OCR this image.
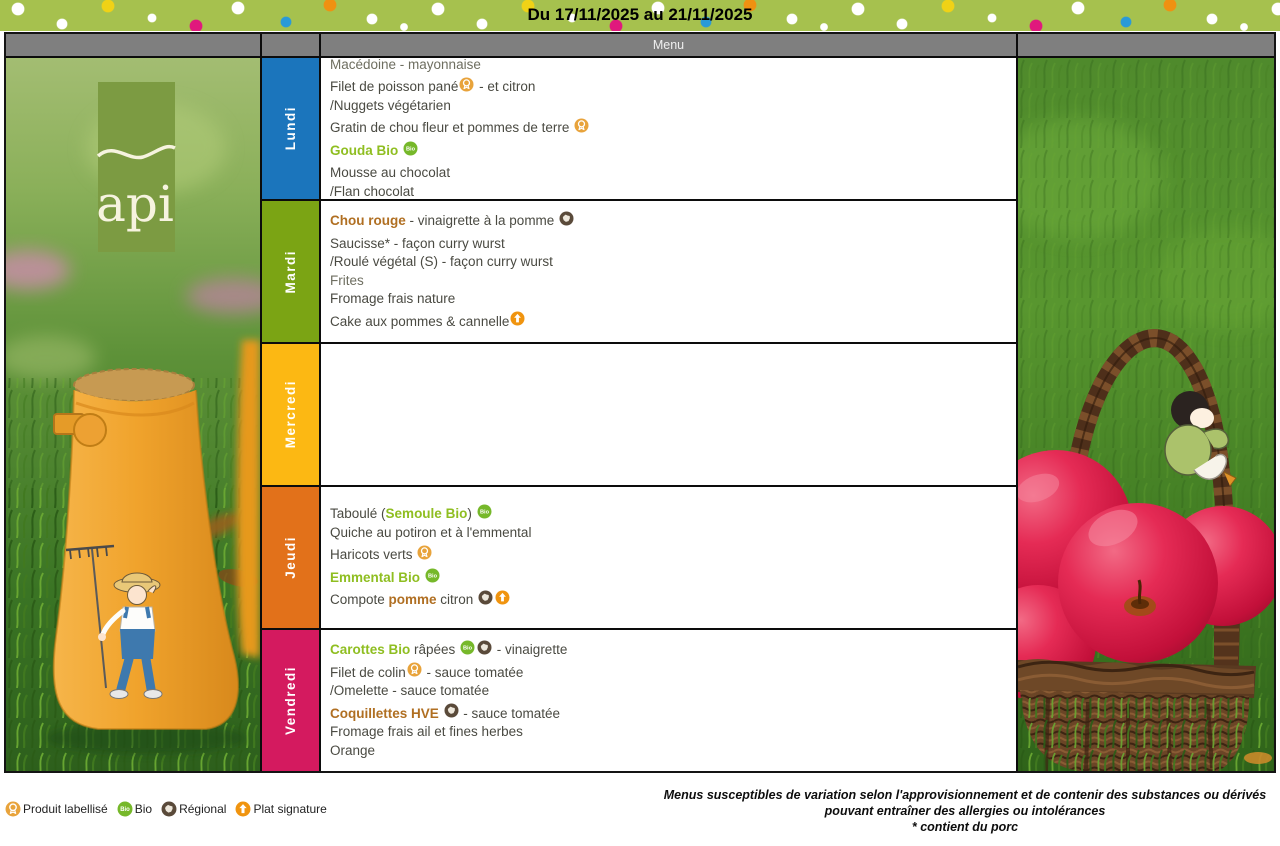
Du 17/11/2025 au 21/11/2025
Menu
api
Lundi
Macédoine - mayonnaise
Filet de poisson pané
- et citron
/Nuggets végétarien
Gratin de chou fleur et pommes de terre
Gouda Bio Bio
Mousse au chocolat
/Flan chocolat
Mardi
Chou rouge - vinaigrette à la pomme
Saucisse* - façon curry wurst
/Roulé végétal (S) - façon curry wurst
Frites
Fromage frais nature
Cake aux pommes & cannelle
Mercredi
Jeudi
Taboulé (Semoule Bio) Bio
Quiche au potiron et à l'emmental
Haricots verts
Emmental Bio Bio
Compote pomme citron
Vendredi
Carottes Bio râpées Bio - vinaigrette
Filet de colin
- sauce tomatée
/Omelette - sauce tomatée
Coquillettes HVE
- sauce tomatée
Fromage frais ail et fines herbes
Orange
Produit labellisé Bio Bio Régional Plat signature
Menus susceptibles de variation selon l'approvisionnement et de contenir des substances ou dérivés
pouvant entraîner des allergies ou intolérances
* contient du porc
